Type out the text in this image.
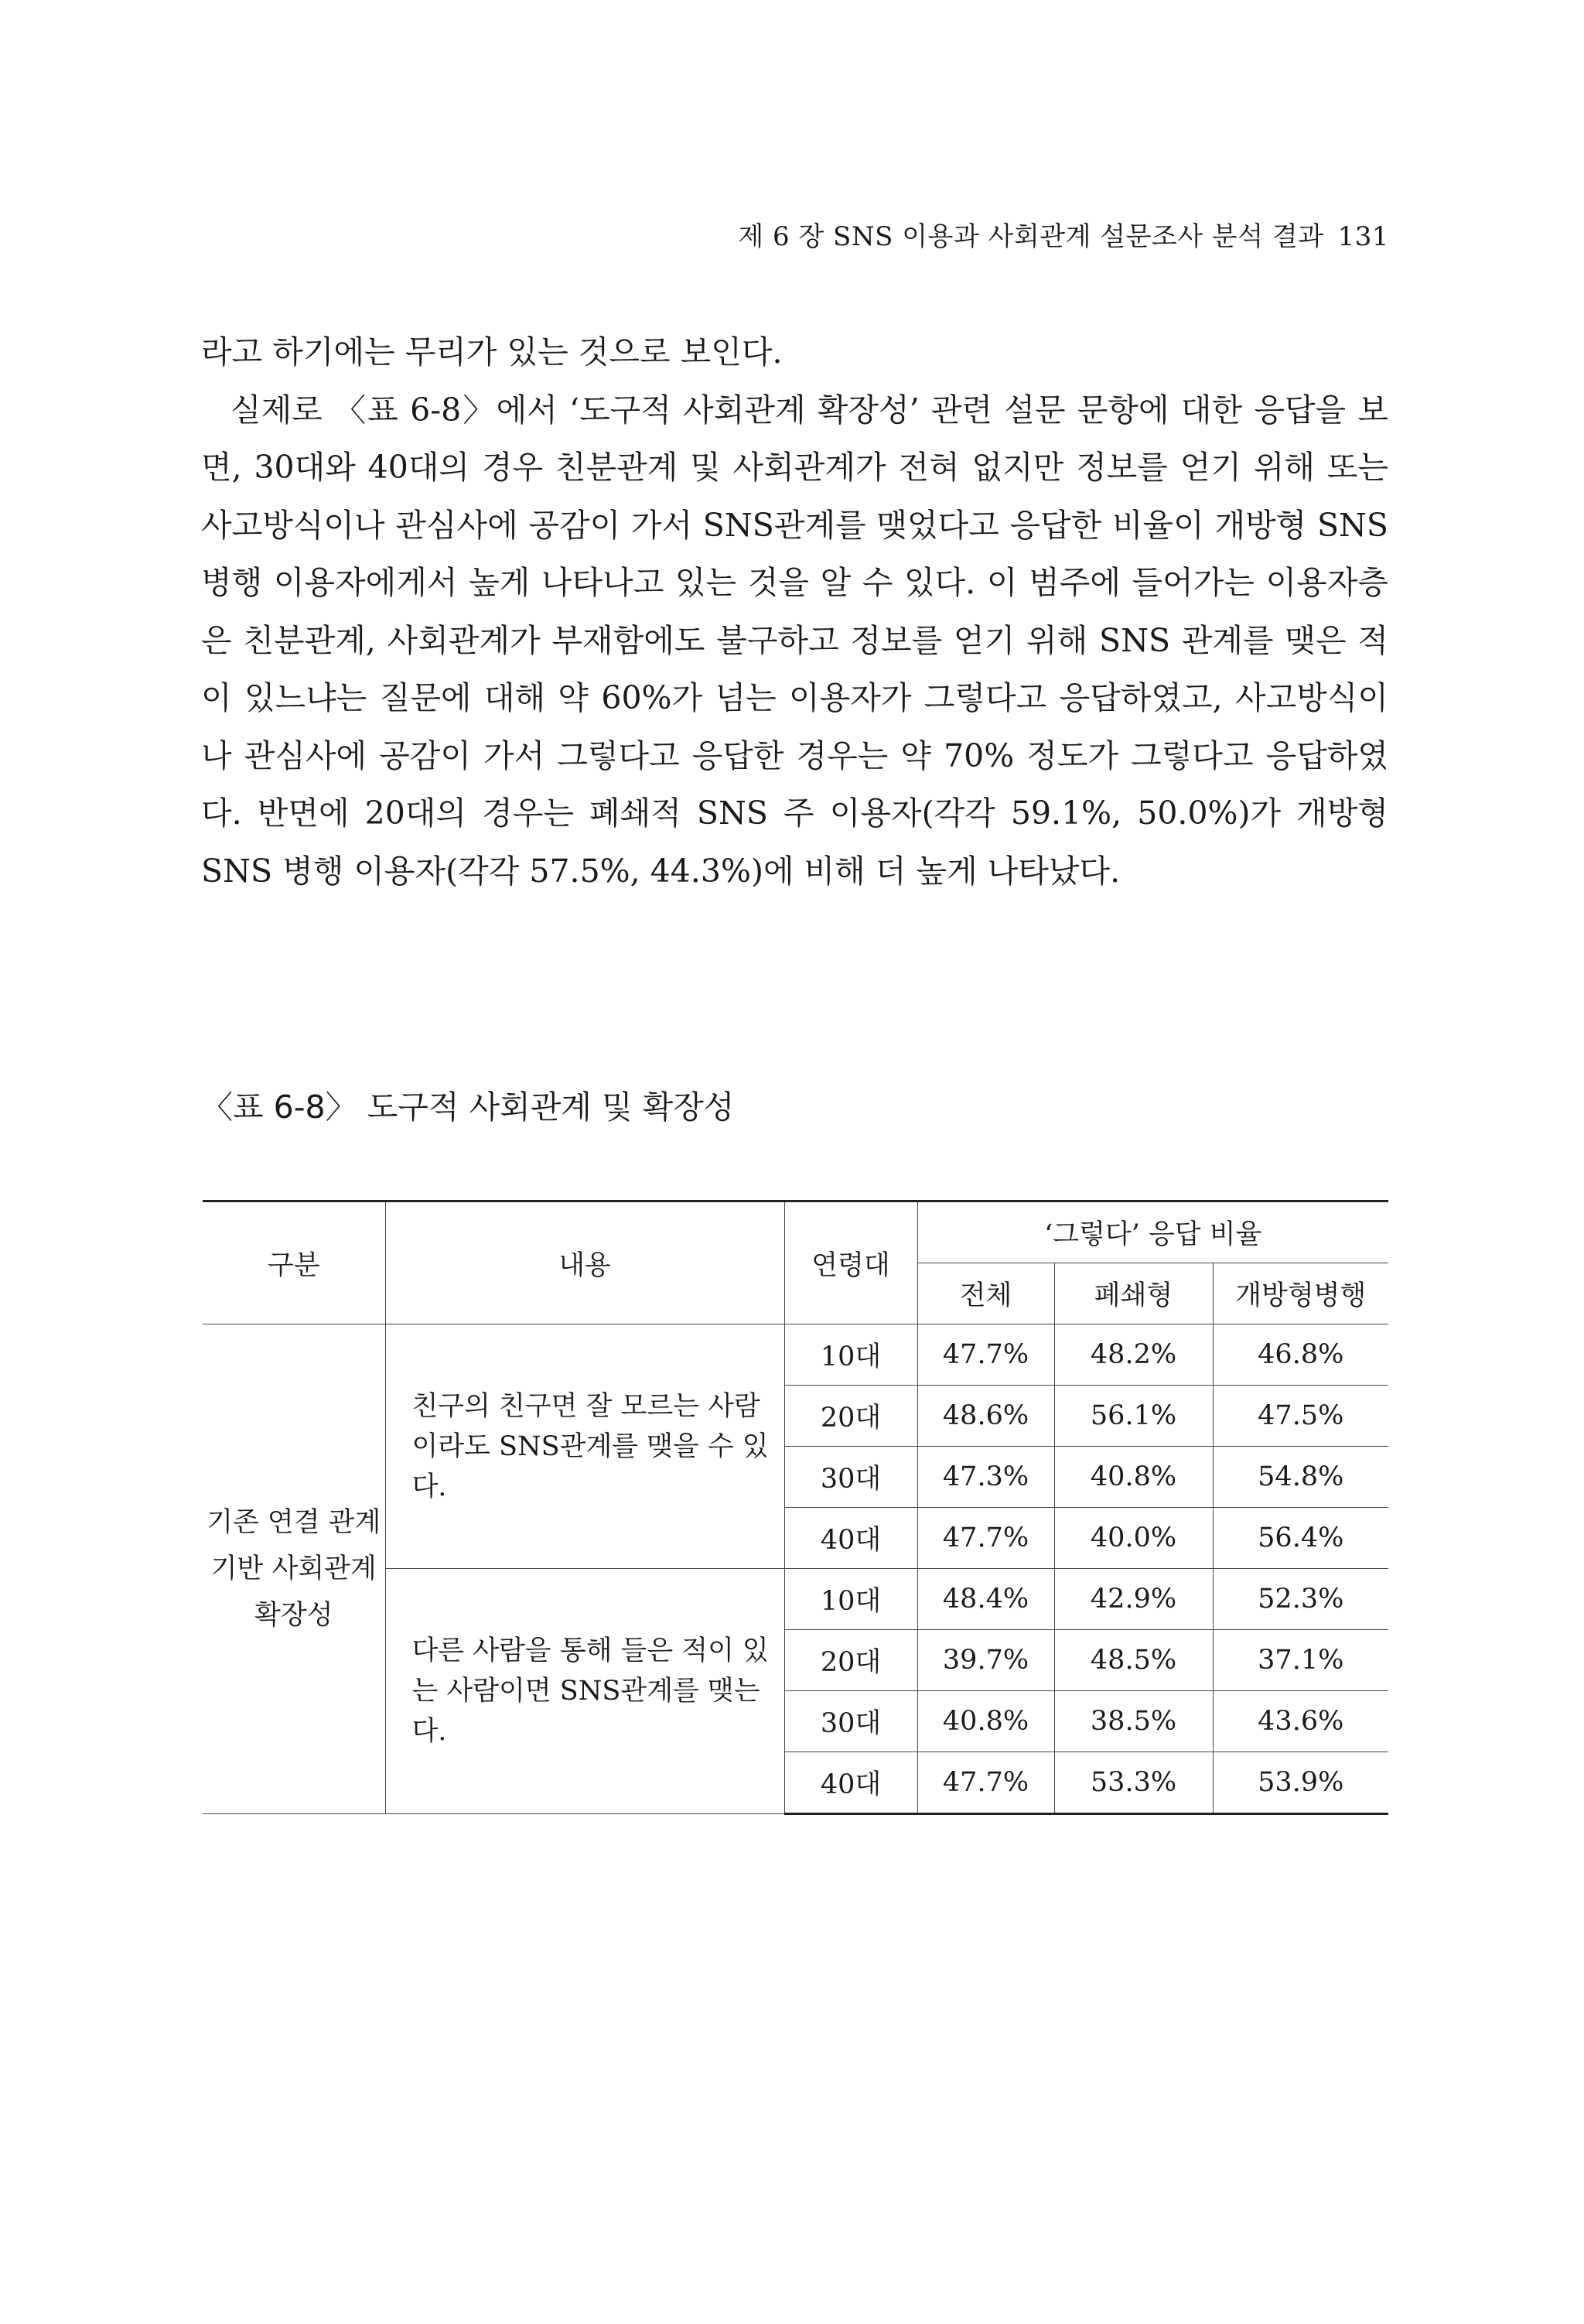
제 6 장 SNS 이용과 사회관계 설문조사 분석 결과 131

라고 하기에는 무리가 있는 것으로 보인다.

실제로 〈표 6-8〉에서 ‘도구적 사회관계 확장성’ 관련 설문 문항에 대한 응답을 보면, 30대와 40대의 경우 친분관계 및 사회관계가 전혀 없지만 정보를 얻기 위해 또는 사고방식이나 관심사에 공감이 가서 SNS관계를 맺었다고 응답한 비율이 개방형 SNS 병행 이용자에게서 높게 나타나고 있는 것을 알 수 있다. 이 범주에 들어가는 이용자층은 친분관계, 사회관계가 부재함에도 불구하고 정보를 얻기 위해 SNS 관계를 맺은 적이 있느냐는 질문에 대해 약 60%가 넘는 이용자가 그렇다고 응답하였고, 사고방식이나 관심사에 공감이 가서 그렇다고 응답한 경우는 약 70% 정도가 그렇다고 응답하였다. 반면에 20대의 경우는 폐쇄적 SNS 주 이용자(각각 59.1%, 50.0%)가 개방형 SNS 병행 이용자(각각 57.5%, 44.3%)에 비해 더 높게 나타났다.

〈표 6-8〉 도구적 사회관계 및 확장성
구분	내용	연령대	‘그렇다’ 응답 비율		
			전체	폐쇄형	개방형병행
기존 연결 관계 기반 사회관계 확장성	친구의 친구면 잘 모르는 사람이라도 SNS관계를 맺을 수 있다.	10대	47.7%	48.2%	46.8%
		20대	48.6%	56.1%	47.5%
		30대	47.3%	40.8%	54.8%
		40대	47.7%	40.0%	56.4%
	다른 사람을 통해 들은 적이 있는 사람이면 SNS관계를 맺는다.	10대	48.4%	42.9%	52.3%
		20대	39.7%	48.5%	37.1%
		30대	40.8%	38.5%	43.6%
		40대	47.7%	53.3%	53.9%
